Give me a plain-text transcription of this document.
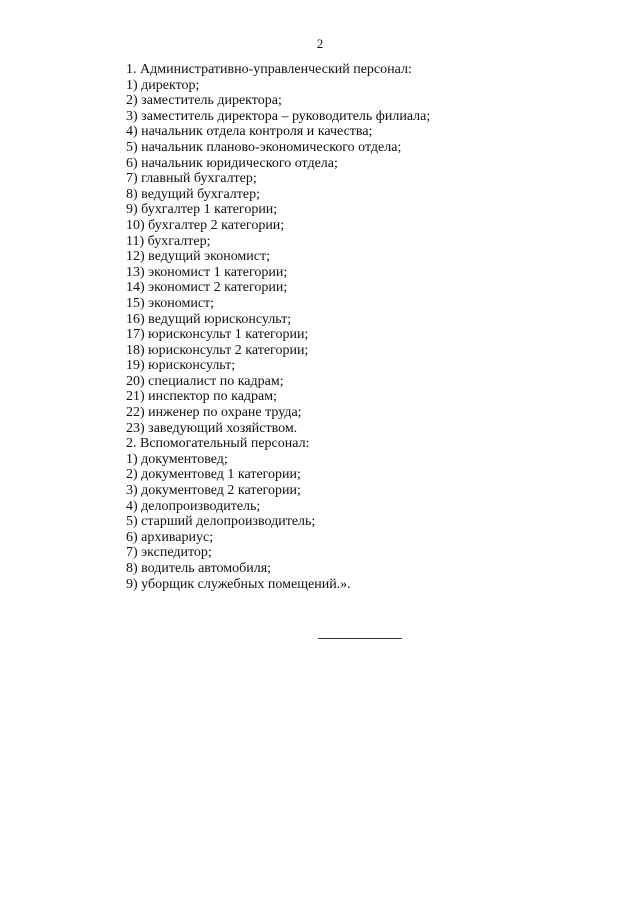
2
1. Административно-управленческий персонал:
1) директор;
2) заместитель директора;
3) заместитель директора – руководитель филиала;
4) начальник отдела контроля и качества;
5) начальник планово-экономического отдела;
6) начальник юридического отдела;
7) главный бухгалтер;
8) ведущий бухгалтер;
9) бухгалтер 1 категории;
10) бухгалтер 2 категории;
11) бухгалтер;
12) ведущий экономист;
13) экономист 1 категории;
14) экономист 2 категории;
15) экономист;
16) ведущий юрисконсульт;
17) юрисконсульт 1 категории;
18) юрисконсульт 2 категории;
19) юрисконсульт;
20) специалист по кадрам;
21) инспектор по кадрам;
22) инженер по охране труда;
23) заведующий хозяйством.
2. Вспомогательный персонал:
1) документовед;
2) документовед 1 категории;
3) документовед 2 категории;
4) делопроизводитель;
5) старший делопроизводитель;
6) архивариус;
7) экспедитор;
8) водитель автомобиля;
9) уборщик служебных помещений.».
